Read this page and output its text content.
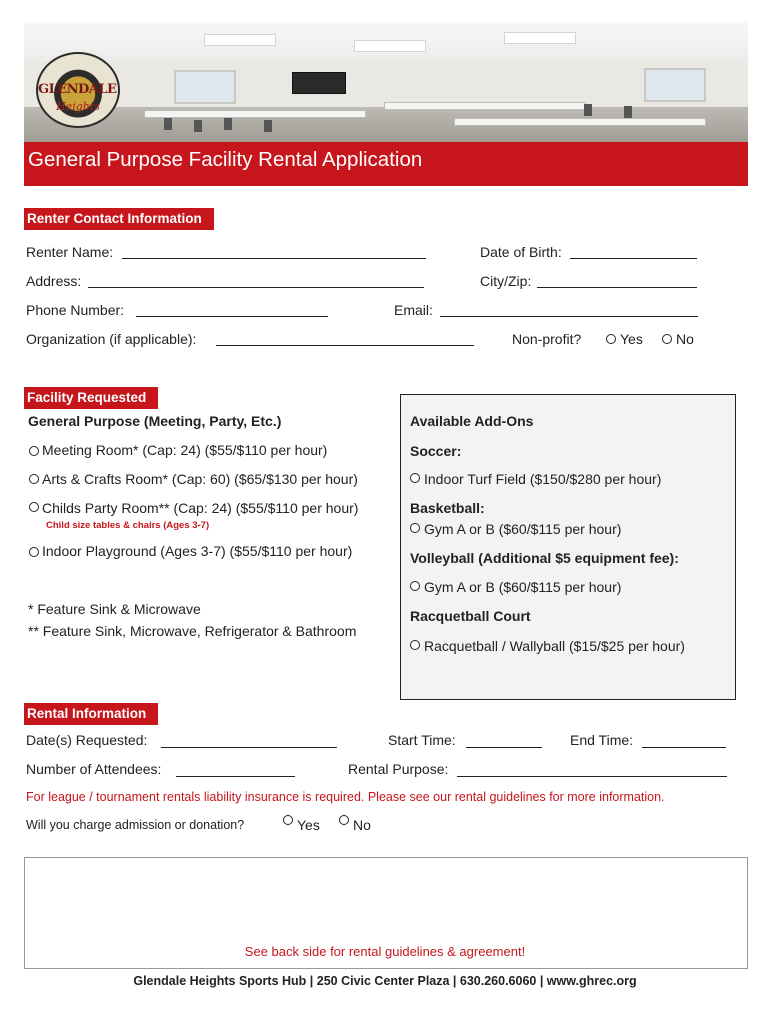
GLENDALE
Heights
General Purpose Facility Rental Application
Renter Contact Information
Renter Name:	Date of Birth:
Address:	City/Zip:
Phone Number:	Email:
Organization (if applicable):	Non-profit?	Yes No
Facility Requested
General Purpose (Meeting, Party, Etc.)
Meeting Room* (Cap: 24) ($55/$110 per hour)
Arts & Crafts Room* (Cap: 60) ($65/$130 per hour)
Childs Party Room** (Cap: 24) ($55/$110 per hour)
Child size tables & chairs (Ages 3-7)
Indoor Playground (Ages 3-7) ($55/$110 per hour)
* Feature Sink & Microwave
** Feature Sink, Microwave, Refrigerator & Bathroom
Available Add-Ons
Soccer:
Indoor Turf Field ($150/$280 per hour)
Basketball:
Gym A or B ($60/$115 per hour)
Volleyball (Additional $5 equipment fee):
Gym A or B ($60/$115 per hour)
Racquetball Court
Racquetball / Wallyball ($15/$25 per hour)
Rental Information
Date(s) Requested:	Start Time:	End Time:
Number of Attendees:	Rental Purpose:
For league / tournament rentals liability insurance is required. Please see our rental guidelines for more information.
Will you charge admission or donation?	Yes No
See back side for rental guidelines & agreement!
Glendale Heights Sports Hub | 250 Civic Center Plaza | 630.260.6060 | www.ghrec.org
